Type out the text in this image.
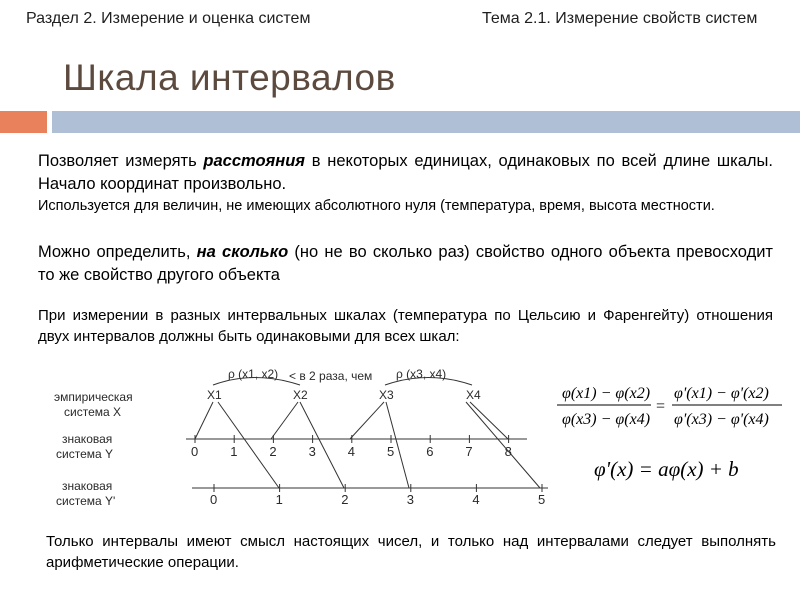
Раздел 2. Измерение и оценка систем	Тема 2.1. Измерение свойств систем
Шкала интервалов
Позволяет измерять расстояния в некоторых единицах, одинаковых по всей длине шкалы. Начало координат произвольно.
Используется для величин, не имеющих абсолютного нуля (температура, время, высота местности.
Можно определить, на сколько (но не во сколько раз) свойство одного объекта превосходит то же свойство другого объекта
При измерении в разных интервальных шкалах (температура по Цельсию и Фаренгейту) отношения двух интервалов должны быть одинаковыми для всех шкал:
эмпирическая
система X
знаковая
система Y
знаковая
система Y'
ρ (x1, x2) < в 2 раза, чем ρ (x3, x4)
X1	X2	X3	X4
0 1 2 3 4 5 6 7 8
0	1	2	3	4	5
φ(x1) − φ(x2)
φ(x3) − φ(x4)
=
φ'(x1) − φ'(x2)
φ'(x3) − φ'(x4)
φ'(x) = aφ(x) + b
Только интервалы имеют смысл настоящих чисел, и только над интервалами следует выполнять арифметические операции.
